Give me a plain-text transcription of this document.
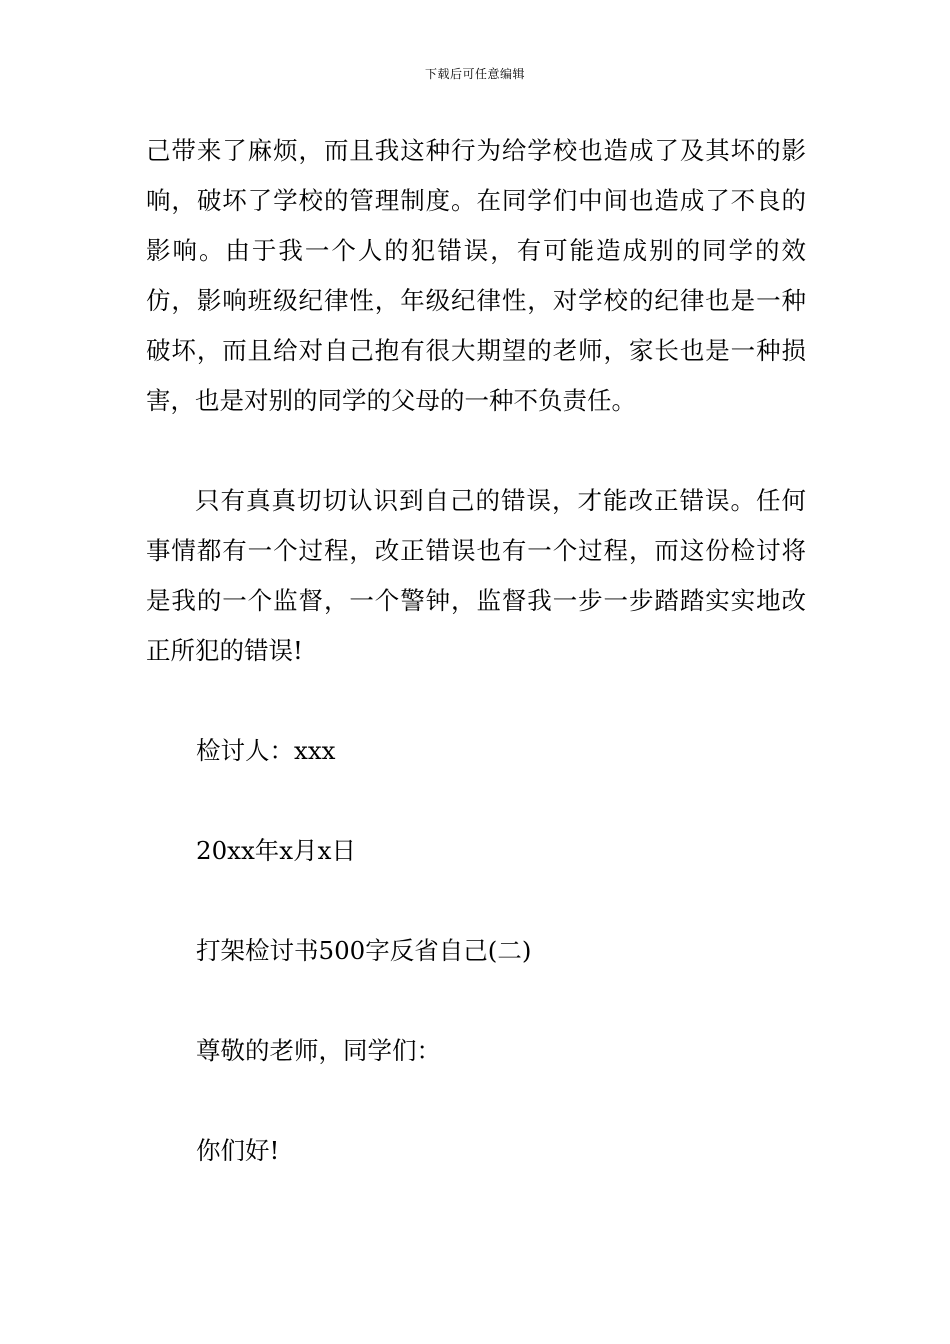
下载后可任意编辑

己带来了麻烦，而且我这种行为给学校也造成了及其坏的影响，破坏了学校的管理制度。在同学们中间也造成了不良的影响。由于我一个人的犯错误，有可能造成别的同学的效仿，影响班级纪律性，年级纪律性，对学校的纪律也是一种破坏，而且给对自己抱有很大期望的老师，家长也是一种损害，也是对别的同学的父母的一种不负责任。

只有真真切切认识到自己的错误，才能改正错误。任何事情都有一个过程，改正错误也有一个过程，而这份检讨将是我的一个监督，一个警钟，监督我一步一步踏踏实实地改正所犯的错误!

检讨人：xxx

20xx年x月x日

打架检讨书500字反省自己(二)

尊敬的老师，同学们：

你们好!
